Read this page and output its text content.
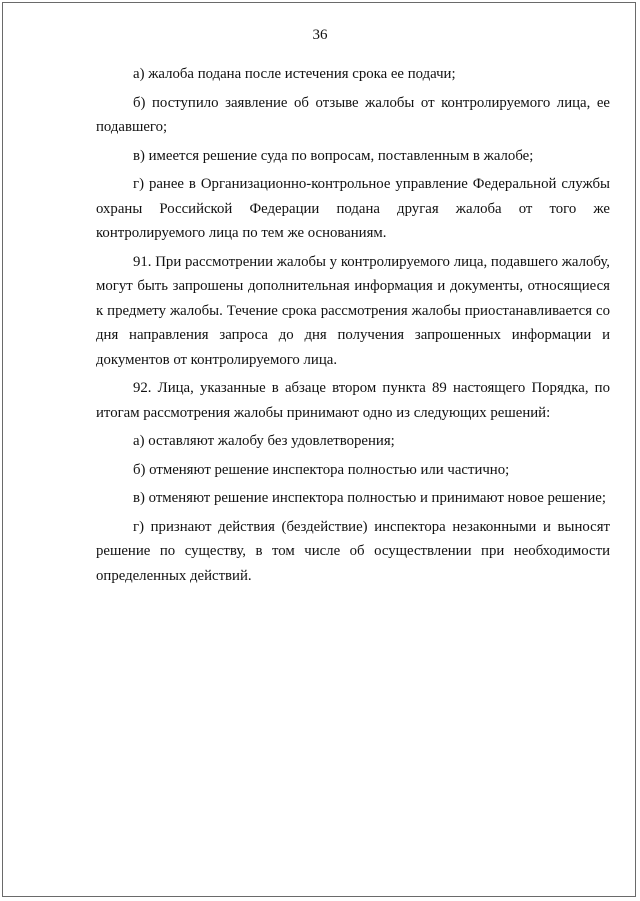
36

а) жалоба подана после истечения срока ее подачи;

б) поступило заявление об отзыве жалобы от контролируемого лица, ее подавшего;

в) имеется решение суда по вопросам, поставленным в жалобе;

г) ранее в Организационно-контрольное управление Федеральной службы охраны Российской Федерации подана другая жалоба от того же контролируемого лица по тем же основаниям.

91. При рассмотрении жалобы у контролируемого лица, подавшего жалобу, могут быть запрошены дополнительная информация и документы, относящиеся к предмету жалобы. Течение срока рассмотрения жалобы приостанавливается со дня направления запроса до дня получения запрошенных информации и документов от контролируемого лица.

92. Лица, указанные в абзаце втором пункта 89 настоящего Порядка, по итогам рассмотрения жалобы принимают одно из следующих решений:

а) оставляют жалобу без удовлетворения;

б) отменяют решение инспектора полностью или частично;

в) отменяют решение инспектора полностью и принимают новое решение;

г) признают действия (бездействие) инспектора незаконными и выносят решение по существу, в том числе об осуществлении при необходимости определенных действий.
